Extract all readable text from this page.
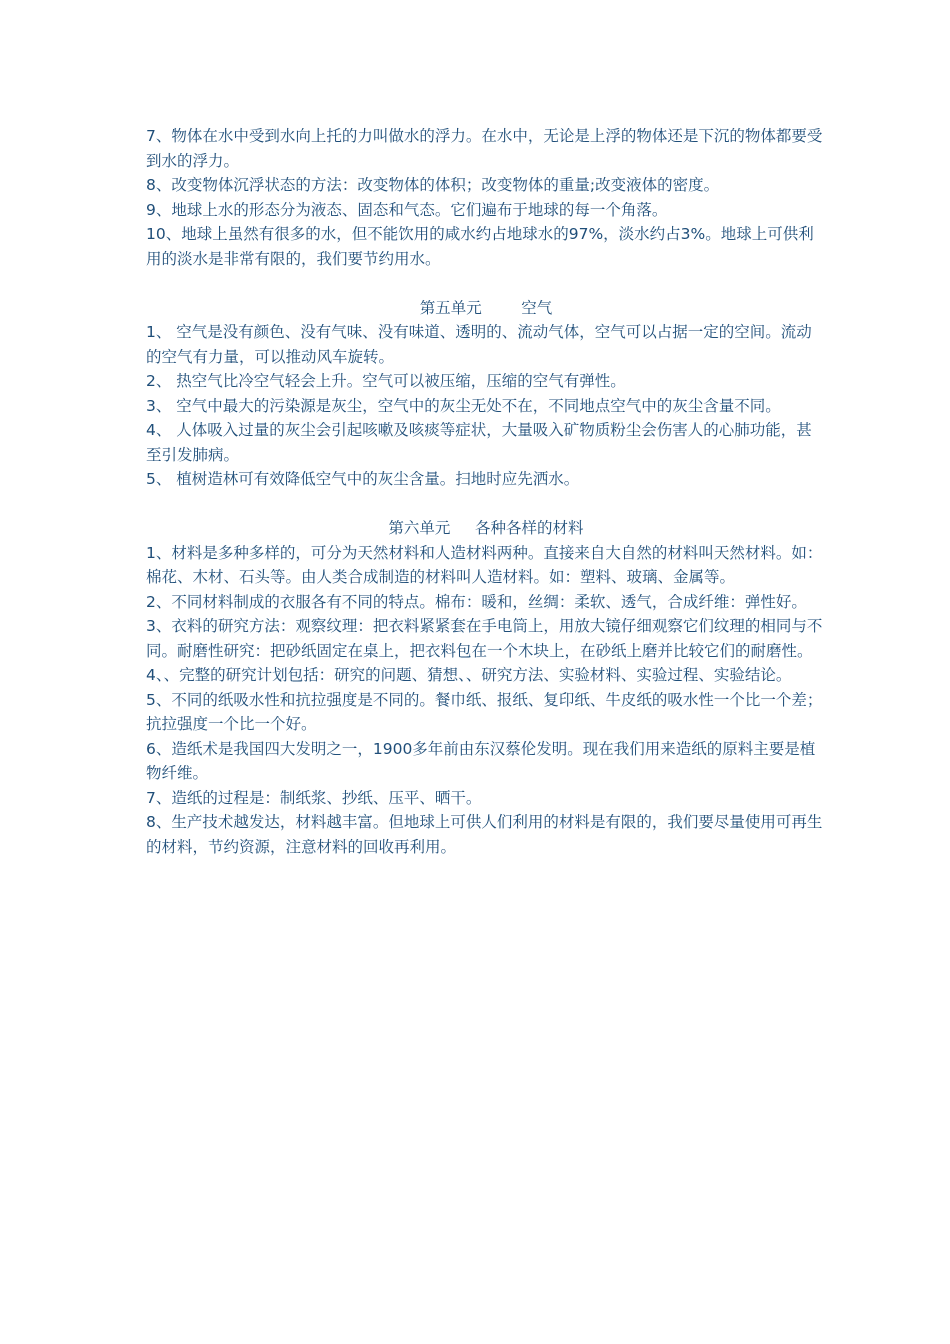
7、物体在水中受到水向上托的力叫做水的浮力。在水中，无论是上浮的物体还是下沉的物体都要受到水的浮力。

8、改变物体沉浮状态的方法：改变物体的体积；改变物体的重量;改变液体的密度。

9、地球上水的形态分为液态、固态和气态。它们遍布于地球的每一个角落。

10、地球上虽然有很多的水，但不能饮用的咸水约占地球水的97%，淡水约占3%。地球上可供利用的淡水是非常有限的，我们要节约用水。

第五单元        空气

1、 空气是没有颜色、没有气味、没有味道、透明的、流动气体，空气可以占据一定的空间。流动的空气有力量，可以推动风车旋转。

2、 热空气比冷空气轻会上升。空气可以被压缩，压缩的空气有弹性。

3、 空气中最大的污染源是灰尘，空气中的灰尘无处不在，不同地点空气中的灰尘含量不同。

4、 人体吸入过量的灰尘会引起咳嗽及咳痰等症状，大量吸入矿物质粉尘会伤害人的心肺功能，甚至引发肺病。

5、 植树造林可有效降低空气中的灰尘含量。扫地时应先洒水。

第六单元     各种各样的材料

1、材料是多种多样的，可分为天然材料和人造材料两种。直接来自大自然的材料叫天然材料。如：棉花、木材、石头等。由人类合成制造的材料叫人造材料。如：塑料、玻璃、金属等。

2、不同材料制成的衣服各有不同的特点。棉布：暖和，丝绸：柔软、透气，合成纤维：弹性好。

3、衣料的研究方法：观察纹理：把衣料紧紧套在手电筒上，用放大镜仔细观察它们纹理的相同与不同。耐磨性研究：把砂纸固定在桌上，把衣料包在一个木块上，在砂纸上磨并比较它们的耐磨性。

4、、完整的研究计划包括：研究的问题、猜想、、研究方法、实验材料、实验过程、实验结论。

5、不同的纸吸水性和抗拉强度是不同的。餐巾纸、报纸、复印纸、牛皮纸的吸水性一个比一个差；抗拉强度一个比一个好。

6、造纸术是我国四大发明之一，1900多年前由东汉蔡伦发明。现在我们用来造纸的原料主要是植物纤维。

7、造纸的过程是：制纸浆、抄纸、压平、晒干。

8、生产技术越发达，材料越丰富。但地球上可供人们利用的材料是有限的，我们要尽量使用可再生的材料，节约资源，注意材料的回收再利用。
